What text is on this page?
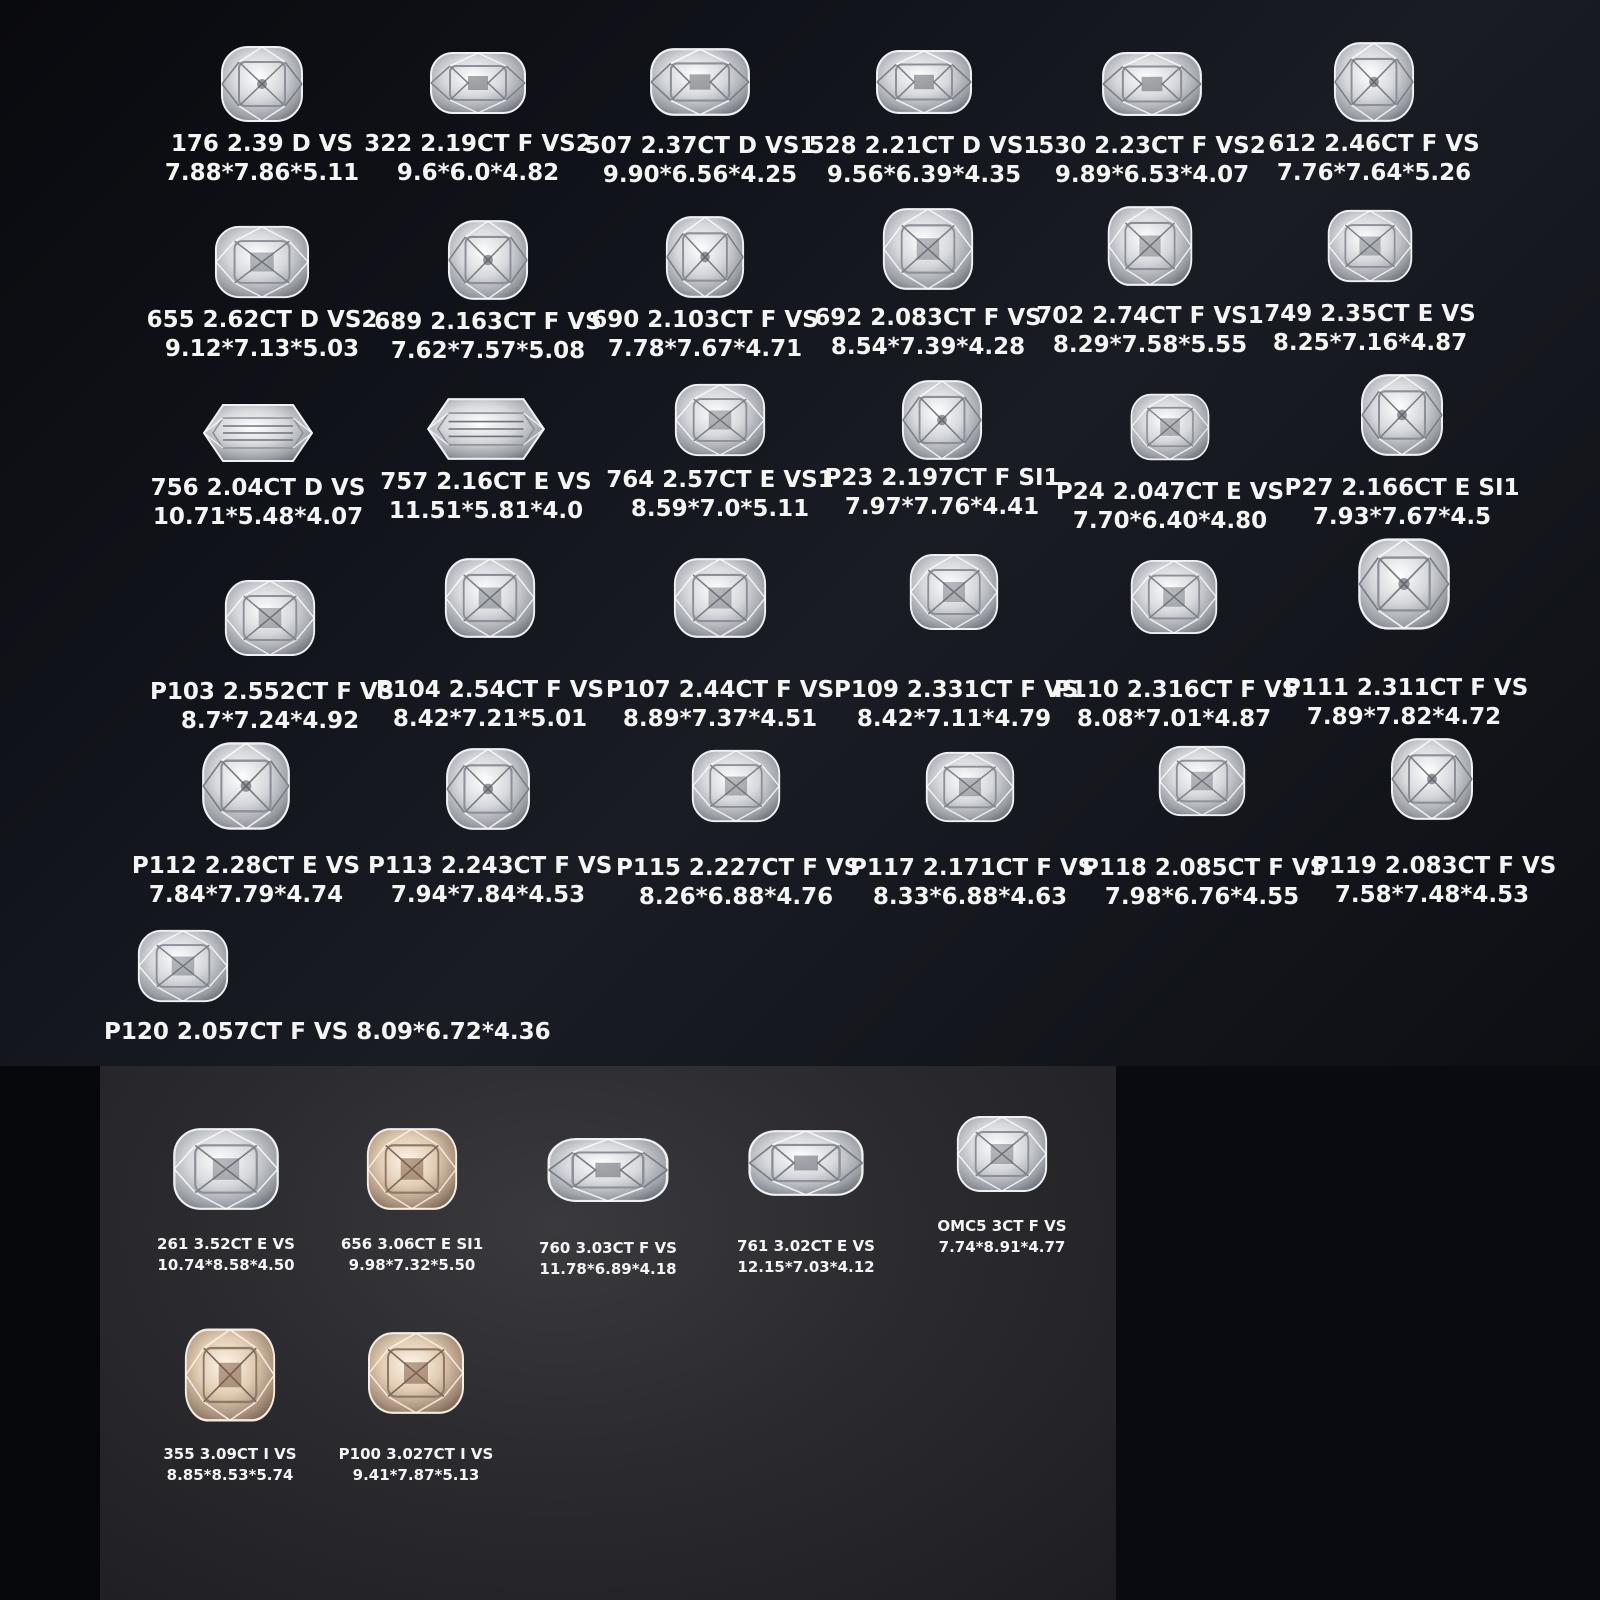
176 2.39 D VS
7.88*7.86*5.11
322 2.19CT F VS2
9.6*6.0*4.82
507 2.37CT D VS1
9.90*6.56*4.25
528 2.21CT D VS1
9.56*6.39*4.35
530 2.23CT F VS2
9.89*6.53*4.07
612 2.46CT F VS
7.76*7.64*5.26
655 2.62CT D VS2
9.12*7.13*5.03
689 2.163CT F VS
7.62*7.57*5.08
690 2.103CT F VS
7.78*7.67*4.71
692 2.083CT F VS
8.54*7.39*4.28
702 2.74CT F VS1
8.29*7.58*5.55
749 2.35CT E VS
8.25*7.16*4.87
756 2.04CT D VS
10.71*5.48*4.07
757 2.16CT E VS
11.51*5.81*4.0
764 2.57CT E VS1
8.59*7.0*5.11
P23 2.197CT F SI1
7.97*7.76*4.41
P24 2.047CT E VS
7.70*6.40*4.80
P27 2.166CT E SI1
7.93*7.67*4.5
P103 2.552CT F VS
8.7*7.24*4.92
P104 2.54CT F VS
8.42*7.21*5.01
P107 2.44CT F VS
8.89*7.37*4.51
P109 2.331CT F VS
8.42*7.11*4.79
P110 2.316CT F VS
8.08*7.01*4.87
P111 2.311CT F VS
7.89*7.82*4.72
P112 2.28CT E VS
7.84*7.79*4.74
P113 2.243CT F VS
7.94*7.84*4.53
P115 2.227CT F VS
8.26*6.88*4.76
P117 2.171CT F VS
8.33*6.88*4.63
P118 2.085CT F VS
7.98*6.76*4.55
P119 2.083CT F VS
7.58*7.48*4.53
P120 2.057CT F VS 8.09*6.72*4.36
261 3.52CT E VS
10.74*8.58*4.50
656 3.06CT E SI1
9.98*7.32*5.50
760 3.03CT F VS
11.78*6.89*4.18
761 3.02CT E VS
12.15*7.03*4.12
OMC5 3CT F VS
7.74*8.91*4.77
355 3.09CT I VS
8.85*8.53*5.74
P100 3.027CT I VS
9.41*7.87*5.13
